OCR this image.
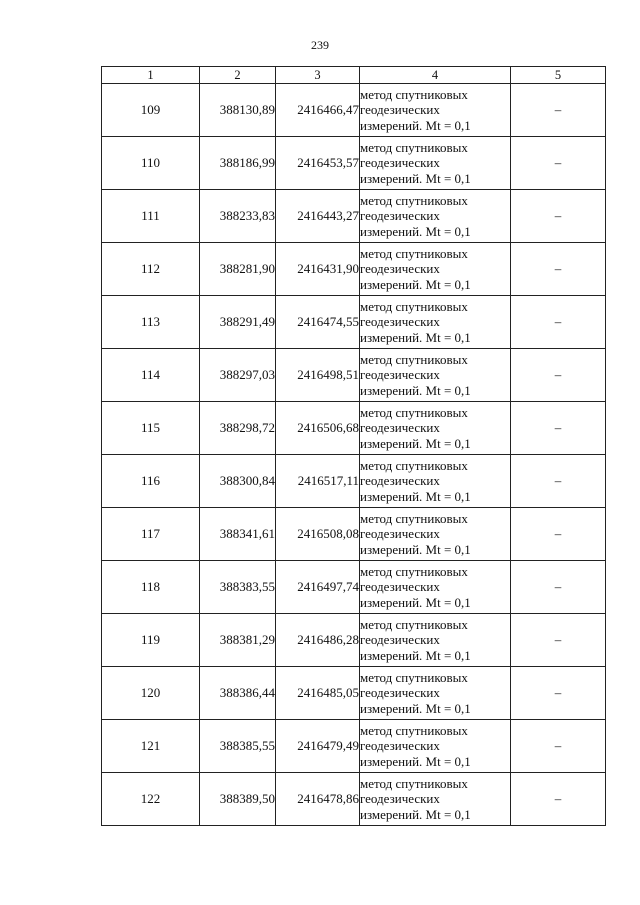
239
1	2	3	4	5
109	388130,89	2416466,47	метод спутниковых
геодезических
измерений. Mt = 0,1	–
110	388186,99	2416453,57	метод спутниковых
геодезических
измерений. Mt = 0,1	–
111	388233,83	2416443,27	метод спутниковых
геодезических
измерений. Mt = 0,1	–
112	388281,90	2416431,90	метод спутниковых
геодезических
измерений. Mt = 0,1	–
113	388291,49	2416474,55	метод спутниковых
геодезических
измерений. Mt = 0,1	–
114	388297,03	2416498,51	метод спутниковых
геодезических
измерений. Mt = 0,1	–
115	388298,72	2416506,68	метод спутниковых
геодезических
измерений. Mt = 0,1	–
116	388300,84	2416517,11	метод спутниковых
геодезических
измерений. Mt = 0,1	–
117	388341,61	2416508,08	метод спутниковых
геодезических
измерений. Mt = 0,1	–
118	388383,55	2416497,74	метод спутниковых
геодезических
измерений. Mt = 0,1	–
119	388381,29	2416486,28	метод спутниковых
геодезических
измерений. Mt = 0,1	–
120	388386,44	2416485,05	метод спутниковых
геодезических
измерений. Mt = 0,1	–
121	388385,55	2416479,49	метод спутниковых
геодезических
измерений. Mt = 0,1	–
122	388389,50	2416478,86	метод спутниковых
геодезических
измерений. Mt = 0,1	–
